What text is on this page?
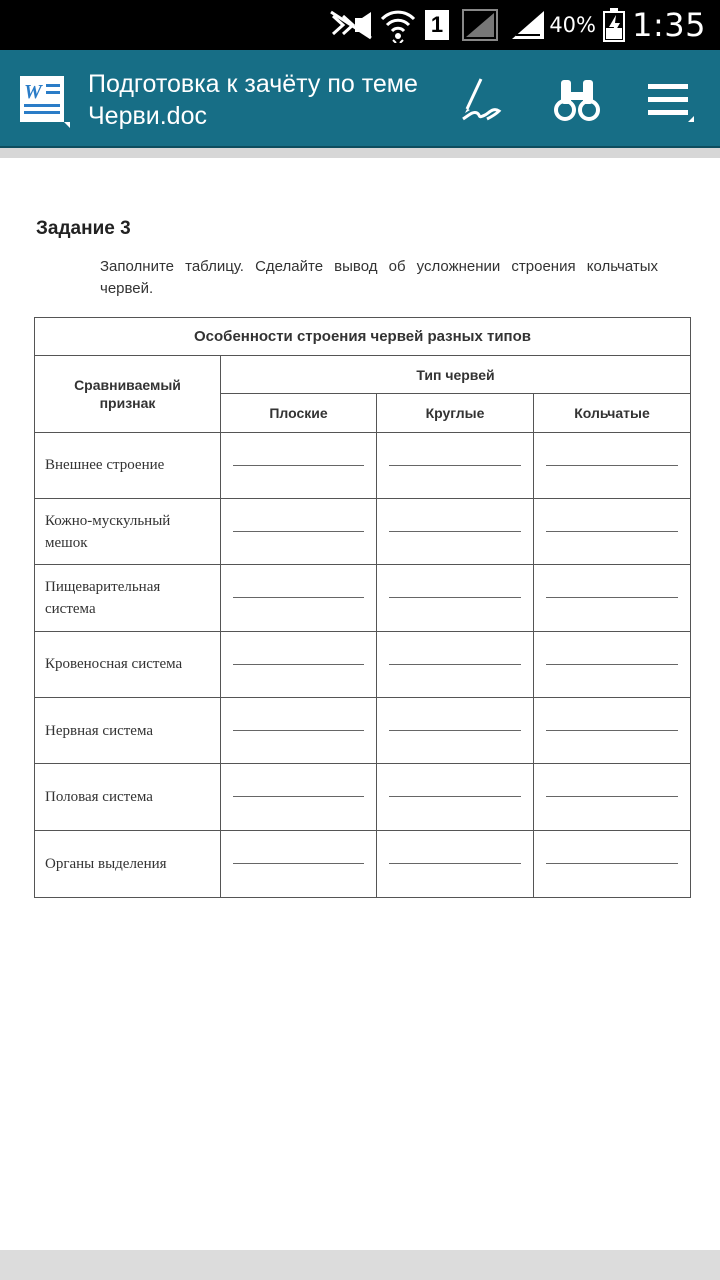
1	40% 1:35
W Подготовка к зачёту по теме Черви.doc
Задание 3
Заполните таблицу. Сделайте вывод об усложнении строения кольчатых червей.
Особенности строения червей разных типов			
Сравниваемый признак	Тип червей		
	Плоские	Круглые	Кольчатые
Внешнее строение	

Кожно-мускульный мешок	

Пищеварительная система	

Кровеносная система	

Нервная система	

Половая система	

Органы выделения	
